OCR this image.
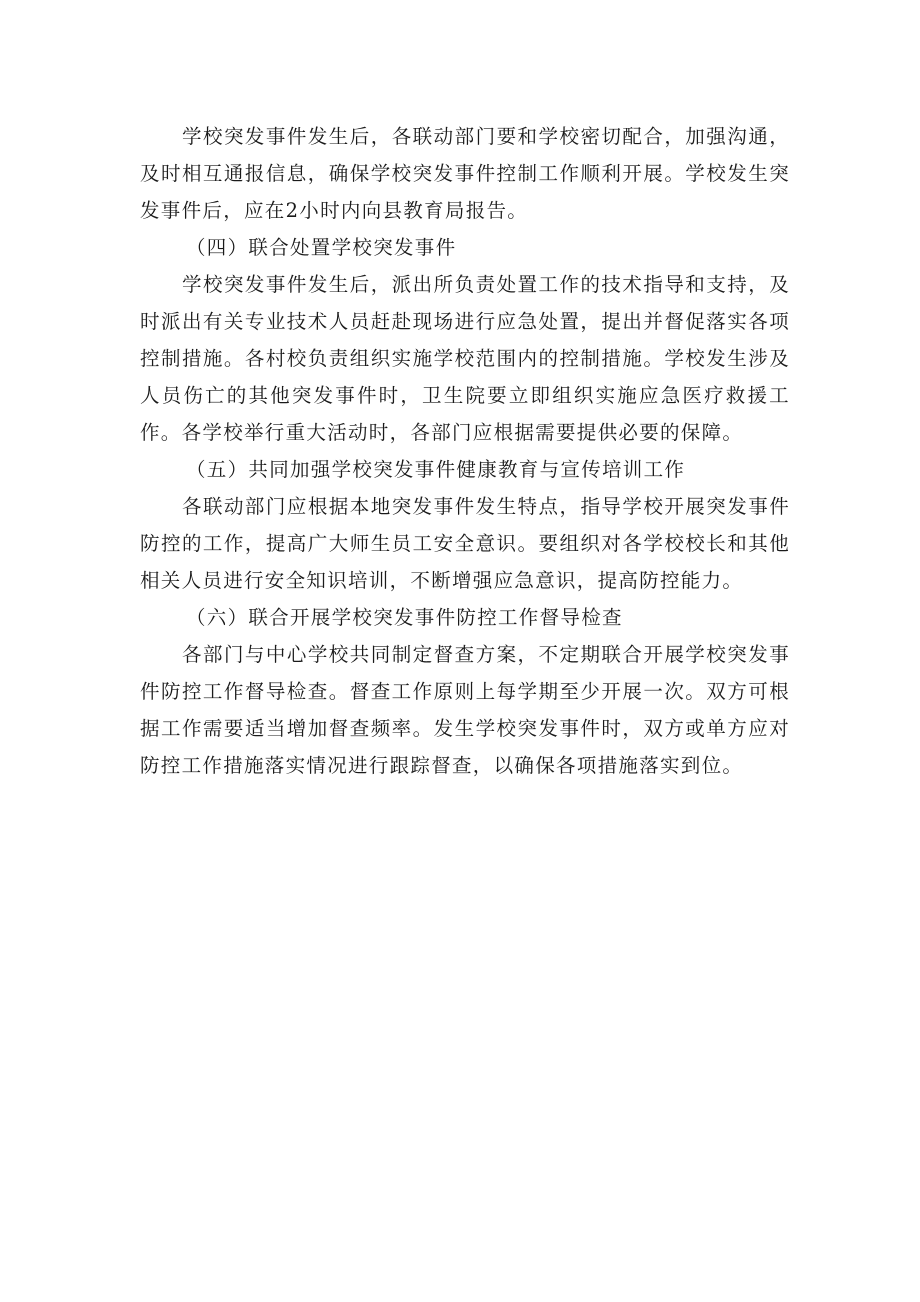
学校突发事件发生后，各联动部门要和学校密切配合，加强沟通，及时相互通报信息，确保学校突发事件控制工作顺利开展。学校发生突发事件后，应在2小时内向县教育局报告。

（四）联合处置学校突发事件

学校突发事件发生后，派出所负责处置工作的技术指导和支持，及时派出有关专业技术人员赶赴现场进行应急处置，提出并督促落实各项控制措施。各村校负责组织实施学校范围内的控制措施。学校发生涉及人员伤亡的其他突发事件时，卫生院要立即组织实施应急医疗救援工作。各学校举行重大活动时，各部门应根据需要提供必要的保障。

（五）共同加强学校突发事件健康教育与宣传培训工作

各联动部门应根据本地突发事件发生特点，指导学校开展突发事件防控的工作，提高广大师生员工安全意识。要组织对各学校校长和其他相关人员进行安全知识培训，不断增强应急意识，提高防控能力。

（六）联合开展学校突发事件防控工作督导检查

各部门与中心学校共同制定督查方案，不定期联合开展学校突发事件防控工作督导检查。督查工作原则上每学期至少开展一次。双方可根据工作需要适当增加督查频率。发生学校突发事件时，双方或单方应对防控工作措施落实情况进行跟踪督查，以确保各项措施落实到位。
